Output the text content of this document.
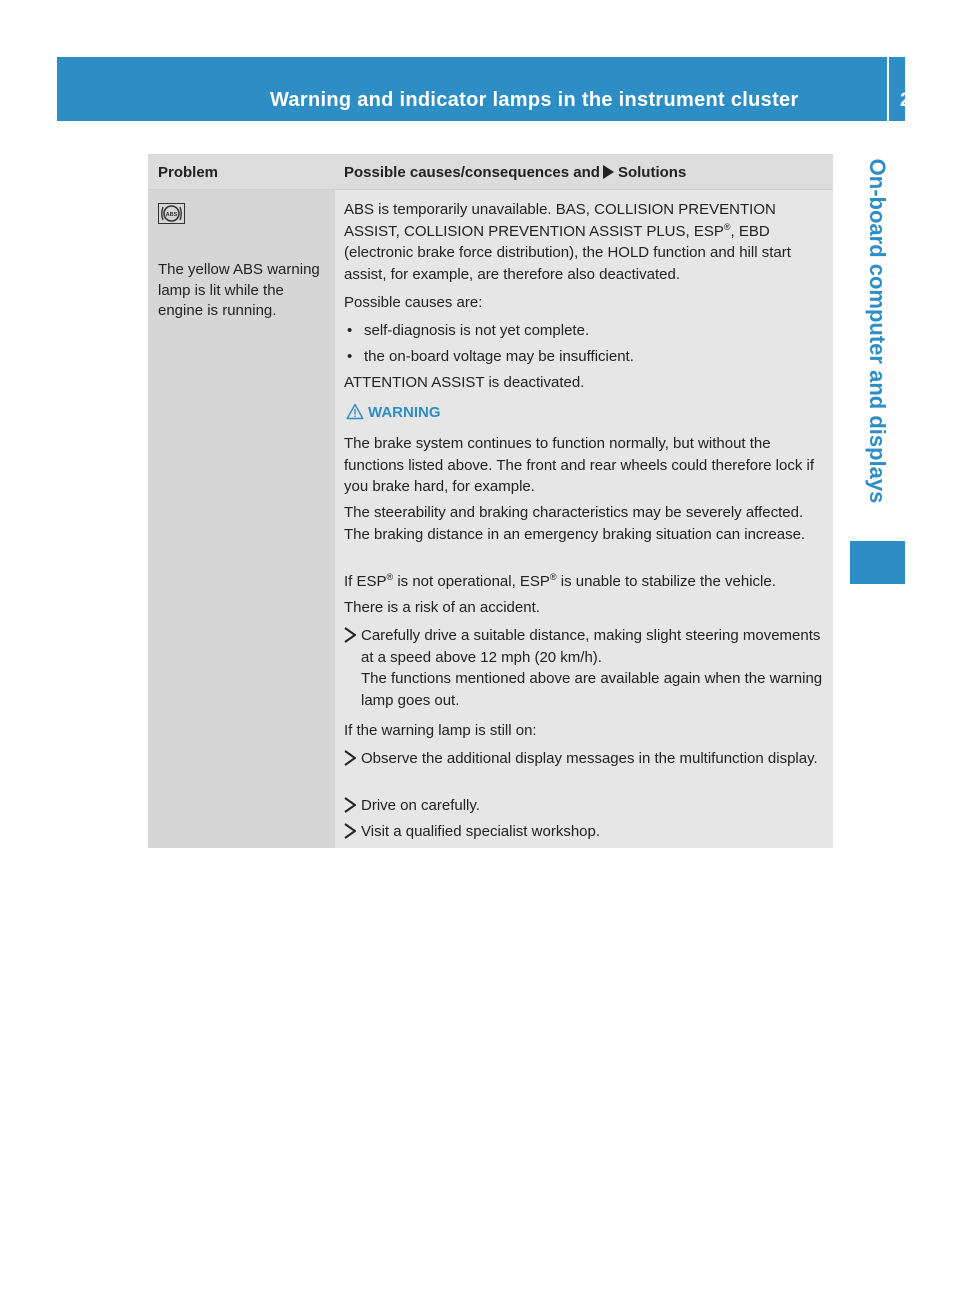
Warning and indicator lamps in the instrument cluster	243
On-board computer and displays
Problem	Possible causes/consequences and Solutions
ABS
The yellow ABS warning lamp is lit while the engine is running.
ABS is temporarily unavailable. BAS, COLLISION PREVENTION ASSIST, COLLISION PREVENTION ASSIST PLUS, ESP®, EBD (electronic brake force distribution), the HOLD function and hill start assist, for example, are therefore also deactivated.
Possible causes are:
• self-diagnosis is not yet complete.
• the on-board voltage may be insufficient.
ATTENTION ASSIST is deactivated.
WARNING
The brake system continues to function normally, but without the functions listed above. The front and rear wheels could therefore lock if you brake hard, for example.
The steerability and braking characteristics may be severely affected. The braking distance in an emergency braking situation can increase.
If ESP® is not operational, ESP® is unable to stabilize the vehicle.
There is a risk of an accident.
Carefully drive a suitable distance, making slight steering movements at a speed above 12 mph (20 km/h).
The functions mentioned above are available again when the warning lamp goes out.
If the warning lamp is still on:
Observe the additional display messages in the multifunction display.
Drive on carefully.
Visit a qualified specialist workshop.
